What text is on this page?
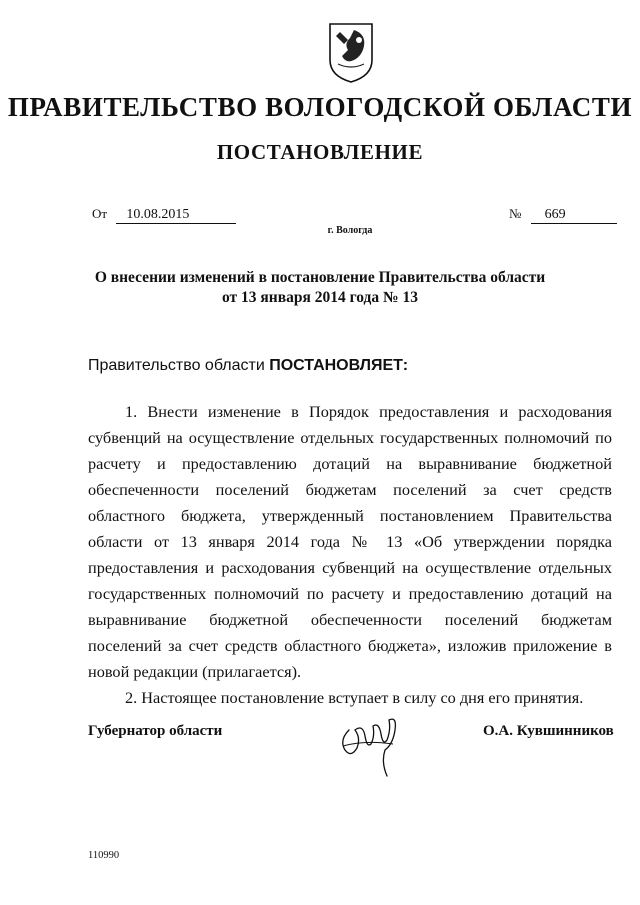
ПРАВИТЕЛЬСТВО ВОЛОГОДСКОЙ ОБЛАСТИ
ПОСТАНОВЛЕНИЕ
От 10.08.2015	№ 669
г. Вологда
О внесении изменений в постановление Правительства области
от 13 января 2014 года № 13
Правительство области ПОСТАНОВЛЯЕТ:

1. Внести изменение в Порядок предоставления и расходования субвенций на осуществление отдельных государственных полномочий по расчету и предоставлению дотаций на выравнивание бюджетной обеспеченности поселений бюджетам поселений за счет средств областного бюджета, утвержденный постановлением Правительства области от 13 января 2014 года № 13 «Об утверждении порядка предоставления и расходования субвенций на осуществление отдельных государственных полномочий по расчету и предоставлению дотаций на выравнивание бюджетной обеспеченности поселений бюджетам поселений за счет средств областного бюджета», изложив приложение в новой редакции (прилагается).

2. Настоящее постановление вступает в силу со дня его принятия.

Губернатор области	О.А. Кувшинников
110990
